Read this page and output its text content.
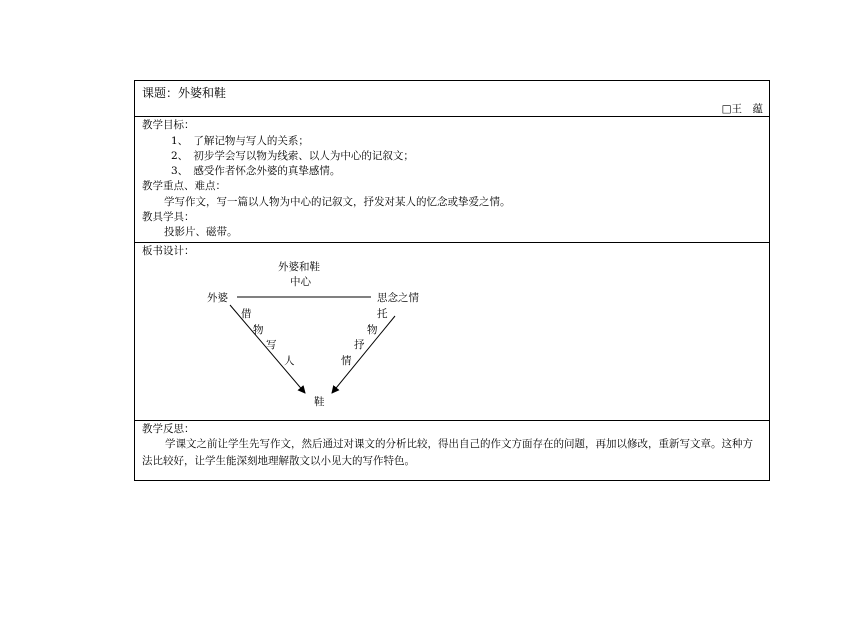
课题：外婆和鞋
□王　蕴
教学目标：
1、　了解记物与写人的关系；
2、　初步学会写以物为线索、以人为中心的记叙文；
3、　感受作者怀念外婆的真挚感情。
教学重点、难点：
学写作文，写一篇以人物为中心的记叙文，抒发对某人的忆念或挚爱之情。
教具学具：
投影片、磁带。
板书设计：
外婆和鞋
中心
外婆	思念之情
鞋
借
物
写
人
托
物
抒
情
教学反思：
学课文之前让学生先写作文，然后通过对课文的分析比较，得出自己的作文方面存在的问题，再加以修改，重新写文章。这种方法比较好，让学生能深刻地理解散文以小见大的写作特色。
